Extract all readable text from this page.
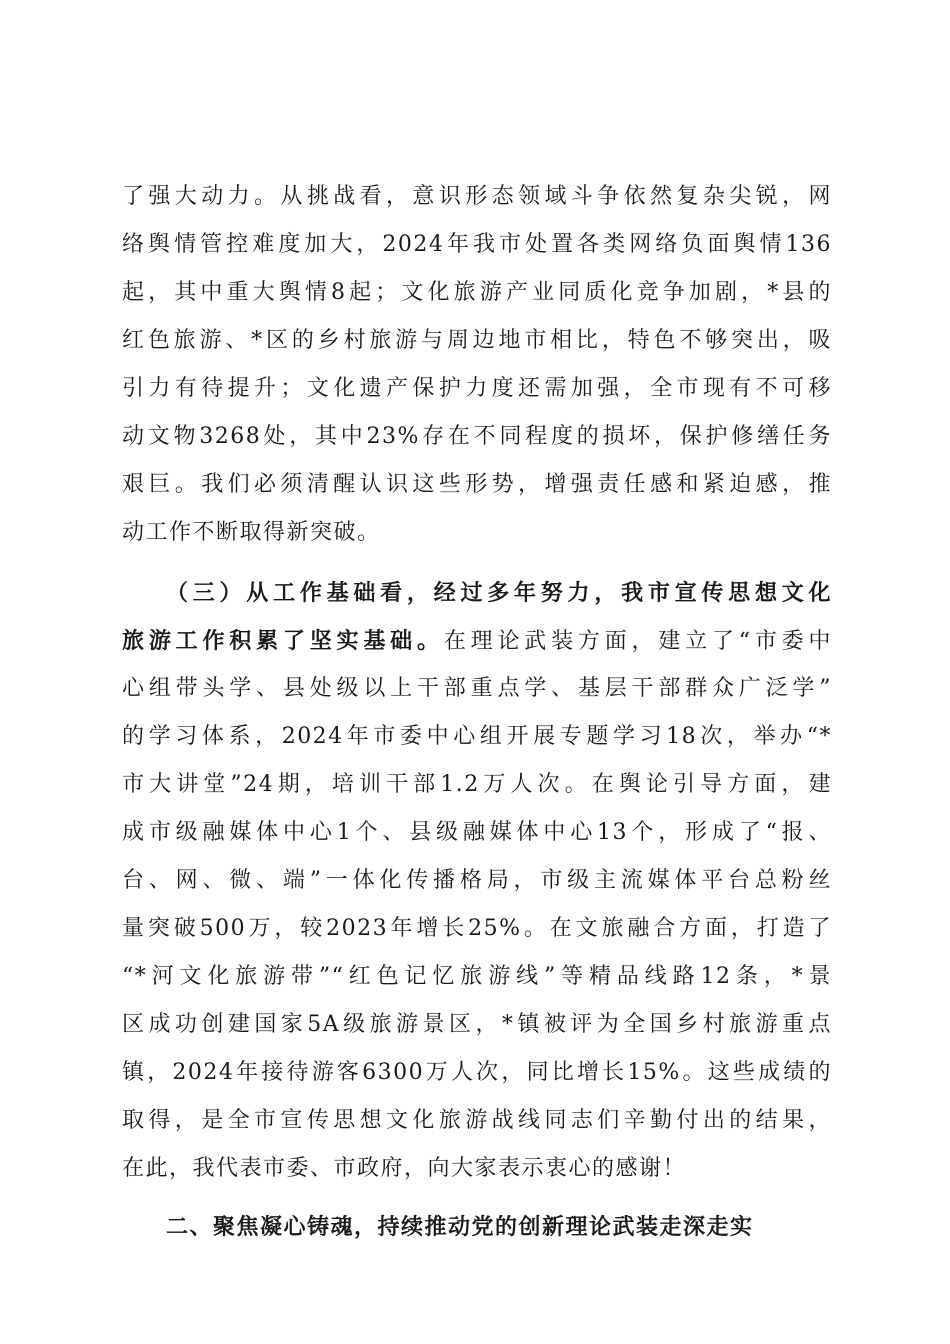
了强大动力。从挑战看，意识形态领域斗争依然复杂尖锐，网
络舆情管控难度加大，2024年我市处置各类网络负面舆情136
起，其中重大舆情8起；文化旅游产业同质化竞争加剧，*县的
红色旅游、*区的乡村旅游与周边地市相比，特色不够突出，吸
引力有待提升；文化遗产保护力度还需加强，全市现有不可移
动文物3268处，其中23%存在不同程度的损坏，保护修缮任务
艰巨。我们必须清醒认识这些形势，增强责任感和紧迫感，推
动工作不断取得新突破。
（三）从工作基础看，经过多年努力，我市宣传思想文化
旅游工作积累了坚实基础。在理论武装方面，建立了“市委中
心组带头学、县处级以上干部重点学、基层干部群众广泛学”
的学习体系，2024年市委中心组开展专题学习18次，举办“*
市大讲堂”24期，培训干部1.2万人次。在舆论引导方面，建
成市级融媒体中心1个、县级融媒体中心13个，形成了“报、
台、网、微、端”一体化传播格局，市级主流媒体平台总粉丝
量突破500万，较2023年增长25%。在文旅融合方面，打造了
“*河文化旅游带”“红色记忆旅游线”等精品线路12条，*景
区成功创建国家5A级旅游景区，*镇被评为全国乡村旅游重点
镇，2024年接待游客6300万人次，同比增长15%。这些成绩的
取得，是全市宣传思想文化旅游战线同志们辛勤付出的结果，
在此，我代表市委、市政府，向大家表示衷心的感谢！
二、聚焦凝心铸魂，持续推动党的创新理论武装走深走实
